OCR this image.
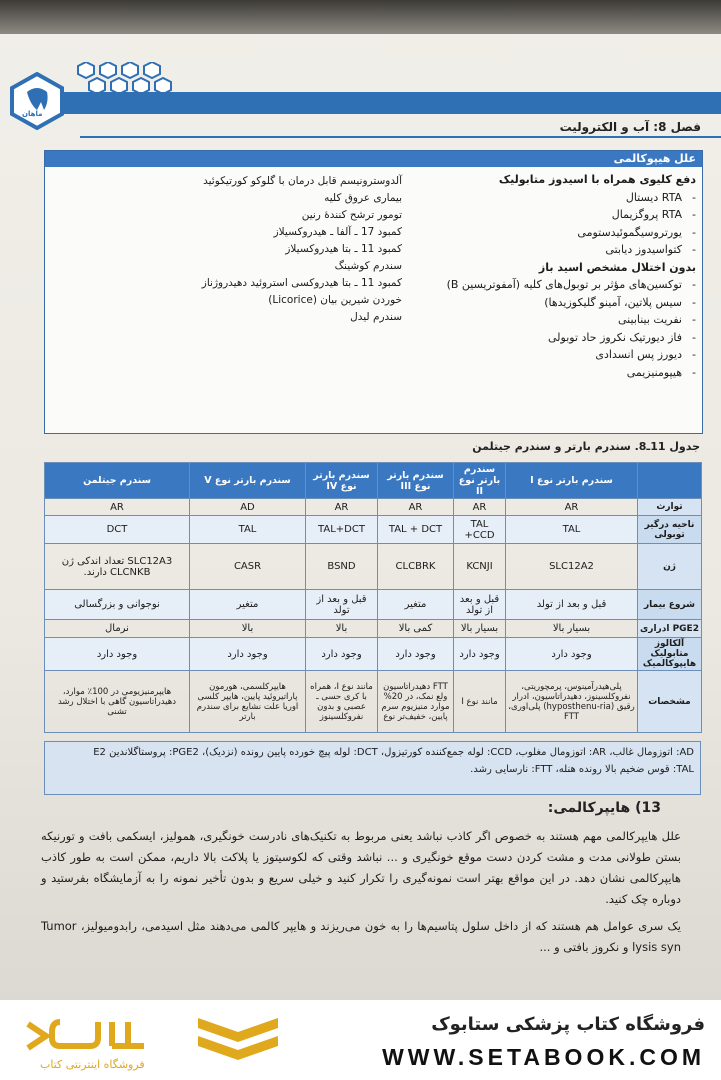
ماهان
فصل 8: آب و الکترولیت
علل هیپوکالمی
دفع کلیوی همراه با اسیدوز متابولیک
- RTA دیستال
- RTA پروگزیمال
- یورتروسیگموئیدستومی
- کتواسیدوز دیابتی
بدون اختلال مشخص اسید باز
- توکسین‌های مؤثر بر توبول‌های کلیه (آمفوتریسین B)
- سیس پلاتین، آمینو گلیکوزیدها)
- نفریت بینابینی
- فاز دیورتیک نکروز حاد توبولی
- دیورز پس انسدادی
- هیپومنیزیمی
آلدوسترونیسم قابل درمان با گلوکو کورتیکوئید
بیماری عروق کلیه
تومور ترشح کنندهٔ رنین
کمبود 17 ـ آلفا ـ هیدروکسیلاز
کمبود 11 ـ بتا هیدروکسیلاز
سندرم کوشینگ
کمبود 11 ـ بتا هیدروکسی استروئید دهیدروژناز
خوردن شیرین بیان (Licorice)
سندرم لیدل
جدول 11ـ8. سندرم بارتر و سندرم جیتلمن
	سندرم بارتر نوع I	سندرم بارتر نوع II	سندرم بارتر نوع III	سندرم بارتر نوع IV	سندرم بارتر نوع V	سندرم جیتلمن
توارث	AR	AR	AR	AR	AD	AR
ناحیه درگیر توبولی	TAL	TAL +CCD	TAL + DCT	TAL+DCT	TAL	DCT
ژن	SLC12A2	KCNJI	CLCBRK	BSND	CASR	SLC12A3 تعداد اندکی ژن CLCNKB دارند.
شروع بیمار	قبل و بعد از تولد	قبل و بعد از تولد	متغیر	قبل و بعد از تولد	متغیر	نوجوانی و بزرگسالی
PGE2 ادراری	بسیار بالا	بسیار بالا	کمی بالا	بالا	بالا	نرمال
آلکالوز متابولیک هایپوکالمیک	وجود دارد	وجود دارد	وجود دارد	وجود دارد	وجود دارد	وجود دارد
مشخصات	پلی‌هیدرآمینوس، پرمچوریتی، نفروکلسینوز، دهیدراتاسیون، ادرار رقیق (hyposthenu-ria) پلی‌اوری، FTT	مانند نوع I	FTT دهیدراتاسیون ولع نمک، در 20% موارد منیزیوم سرم پایین، خفیف‌تر نوع	مانند نوع I، همراه با کری حسی ـ عصبی و بدون نفروکلسینوز	هایپرکلسمی، هورمون پاراتیروئید پایین، هایپر کلسی اوریا علت نشایع برای سندرم بارتر	هایپرمنیزیومی در 100٪ موارد، دهیدراتاسیون گاهی با اختلال رشد تشنی
AD: اتوزومال غالب، AR: اتوزومال مغلوب، CCD: لوله جمع‌کننده کورتیزول، DCT: لوله پیچ خورده پایین رونده (نزدیک)، PGE2: پروستاگلاندین E2
TAL: قوس ضخیم بالا رونده هنله، FTT: نارسایی رشد.
13) هایپرکالمی:
علل هایپرکالمی مهم هستند به خصوص اگر کاذب نباشد یعنی مربوط به تکنیک‌های نادرست خونگیری، همولیز، ایسکمی بافت و تورنیکه بستن طولانی مدت و مشت کردن دست موقع خونگیری و ... نباشد وقتی که لکوسیتوز یا پلاکت بالا داریم، ممکن است به طور کاذب هایپرکالمی نشان دهد. در این مواقع بهتر است نمونه‌گیری را تکرار کنید و خیلی سریع و بدون تأخیر نمونه را به آزمایشگاه بفرستید و دوباره چک کنید.
یک سری عوامل هم هستند که از داخل سلول پتاسیم‌ها را به خون می‌ریزند و هایپر کالمی می‌دهند مثل اسیدمی، رابدومیولیز، Tumor lysis syn و نکروز بافتی و ...
فروشگاه اینترنتی کتاب
فروشگاه کتاب پزشکی ستابوک
WWW.SETABOOK.COM
